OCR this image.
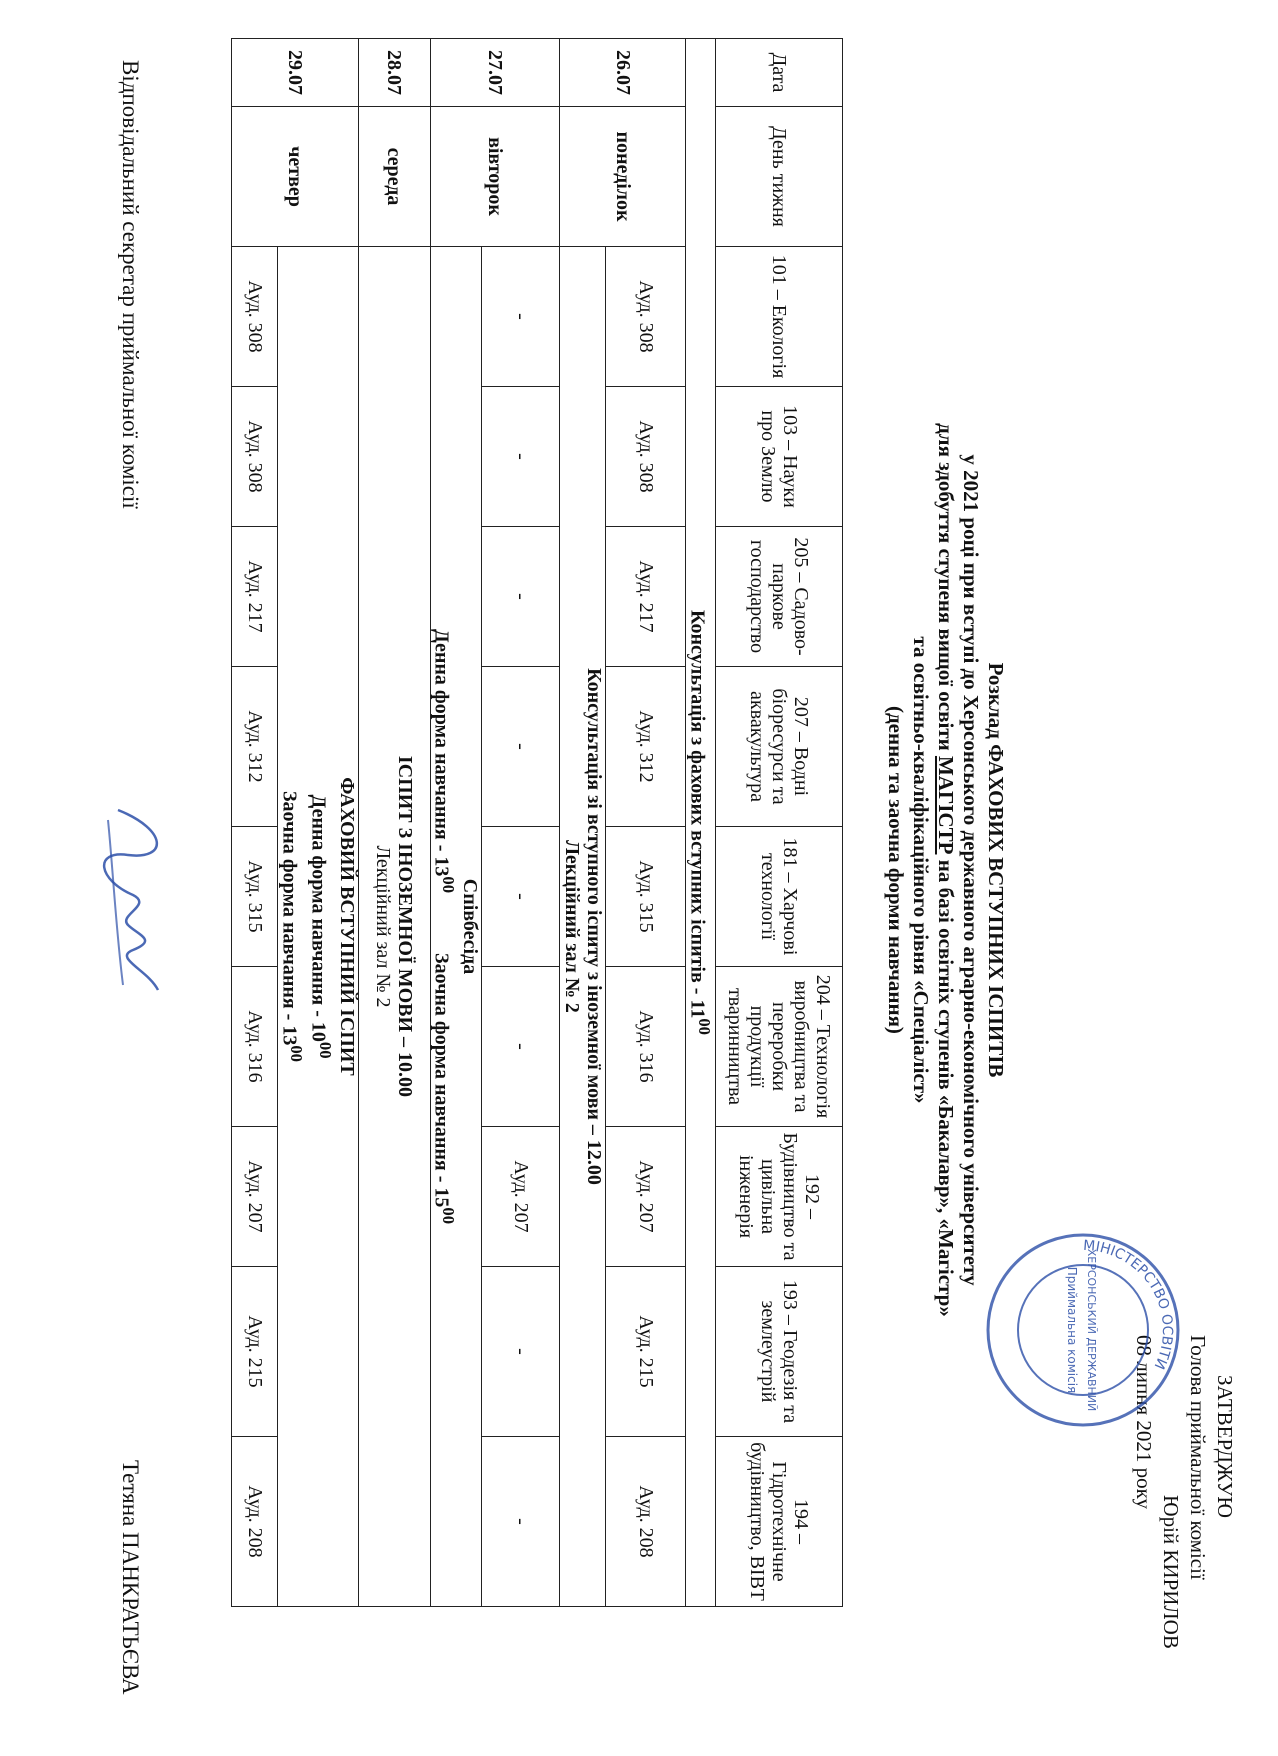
ЗАТВЕРДЖУЮ
Голова приймальної комісії
Юрій КИРИЛОВ
08 липня 2021 року
МІНІСТЕРСТВО ОСВІТИ
ХЕРСОНСЬКИЙ ДЕРЖАВНИЙ
Приймальна комісія
Розклад ФАХОВИХ ВСТУПНИХ ІСПИТІВ
у 2021 році при вступі до Херсонського державного аграрно-економічного університету
для здобуття ступеня вищої освіти МАГІСТР на базі освітніх ступенів «Бакалавр», «Магістр»
та освітньо-кваліфікаційного рівня «Спеціаліст»
(денна та заочна форми навчання)
Дата	День тижня	101 – Екологія	103 – Науки про Землю	205 – Садово-паркове господарство	207 – Водні біоресурси та аквакультура	181 – Харчові технології	204 – Технологія виробництва та переробки продукції тваринництва	192 – Будівництво та цивільна інженерія	193 – Геодезія та землеустрій	194 – Гідротехнічне будівництво, ВІВТ
Консультація з фахових вступних іспитів - $11^{00}$
26.07	понеділок	Ауд. 308	Ауд. 308	Ауд. 217	Ауд. 312	Ауд. 315	Ауд. 316	Ауд. 207	Ауд. 215	Ауд. 208

		Консультація зі вступного іспиту з іноземної мови – 12.00
Лекційний зал № 2								

27.07	вівторок	-	-	-	-	-	-	Ауд. 207	-	-

		Співбесіда
Денна форма навчання - $13^{00}$            Заочна форма навчання - $15^{00}$

28.07	середа	ІСПИТ З ІНОЗЕМНОЇ МОВИ – 10.00
Лекційний зал № 2								

29.07	четвер	ФАХОВИЙ ВСТУПНИЙ ІСПИТ
Денна форма навчання - $10^{00}$
Заочна форма навчання - $13^{00}$

		Ауд. 308	Ауд. 308	Ауд. 217	Ауд. 312	Ауд. 315	Ауд. 316	Ауд. 207	Ауд. 215	Ауд. 208
Відповідальний секретар приймальної комісії
Тетяна ПАНКРАТЬЄВА
